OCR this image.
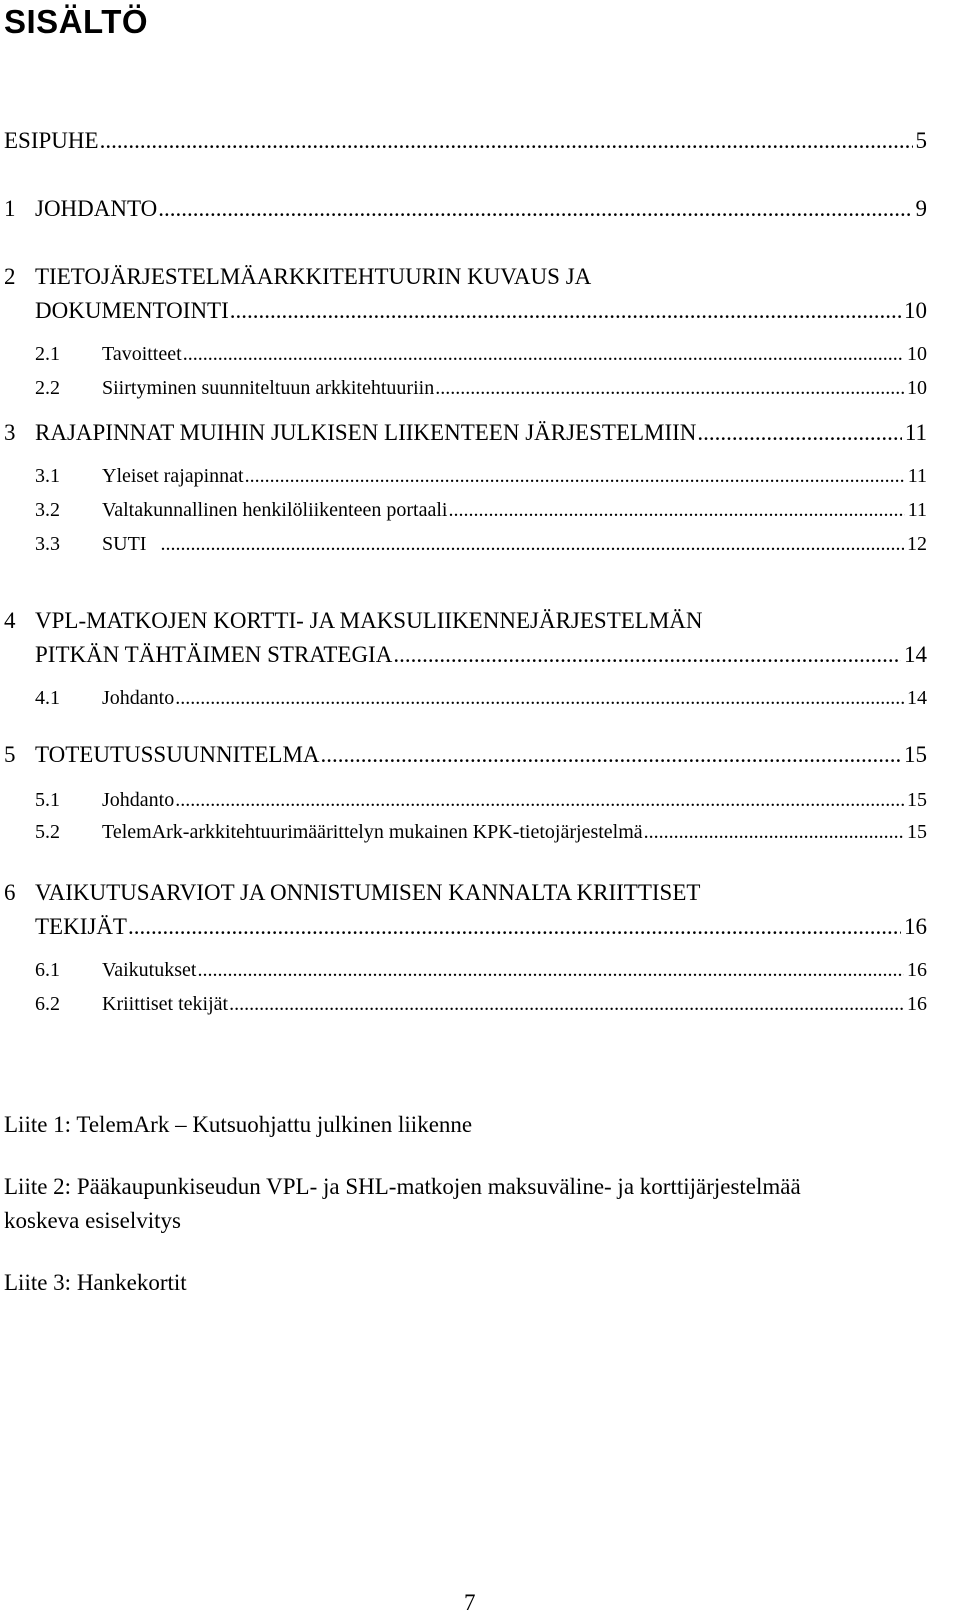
SISÄLTÖ
ESIPUHE .....	5
1 JOHDANTO .....	9
2 TIETOJÄRJESTELMÄARKKITEHTUURIN KUVAUS JA
DOKUMENTOINTI .....	10
2.1	Tavoitteet .....	10
2.2	Siirtyminen suunniteltuun arkkitehtuuriin .....	10
3 RAJAPINNAT MUIHIN JULKISEN LIIKENTEEN JÄRJESTELMIIN .....	11
3.1	Yleiset rajapinnat .....	11
3.2	Valtakunnallinen henkilöliikenteen portaali .....	11
3.3	SUTI .....	12
4 VPL-MATKOJEN KORTTI- JA MAKSULIIKENNEJÄRJESTELMÄN
PITKÄN TÄHTÄIMEN STRATEGIA .....	14
4.1	Johdanto .....	14
5 TOTEUTUSSUUNNITELMA .....	15
5.1	Johdanto .....	15
5.2	TelemArk-arkkitehtuurimäärittelyn mukainen KPK-tietojärjestelmä .....	15
6 VAIKUTUSARVIOT JA ONNISTUMISEN KANNALTA KRIITTISET
TEKIJÄT .....	16
6.1	Vaikutukset .....	16
6.2	Kriittiset tekijät .....	16
Liite 1: TelemArk – Kutsuohjattu julkinen liikenne
Liite 2: Pääkaupunkiseudun VPL- ja SHL-matkojen maksuväline- ja korttijärjestelmää
koskeva esiselvitys
Liite 3: Hankekortit
7
